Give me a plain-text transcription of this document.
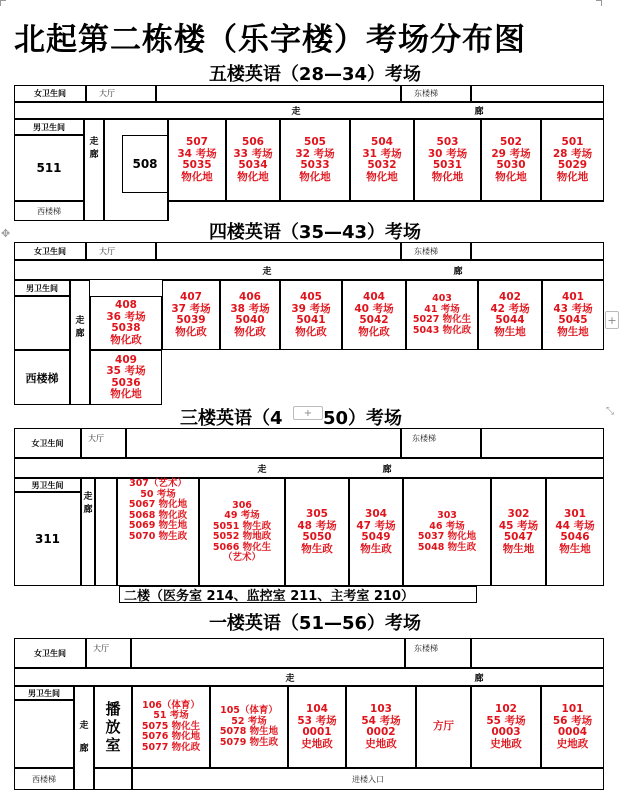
北起第二栋楼（乐字楼）考场分布图
五楼英语（28—34）考场
女卫生间	大厅	东楼梯
走	廊
男卫生间
511
西楼梯
走
廊
508
507
34 考场
5035
物化地
506
33 考场
5034
物化地
505
32 考场
5033
物化地
504
31 考场
5032
物化地
503
30 考场
5031
物化地
502
29 考场
5030
物化地
501
28 考场
5029
物化地
✥	四楼英语（35—43）考场
女卫生间	大厅	东楼梯
走	廊
男卫生间
走
廊
西楼梯
408
36 考场
5038
物化政
409
35 考场
5036
物化地
407
37 考场
5039
物化政
406
38 考场
5040
物化政
405
39 考场
5041
物化政
404
40 考场
5042
物化政
403
41 考场
5027 物化生
5043 物化政
402
42 考场
5044
物生地
401
43 考场
5045
物生地
+
三楼英语（4	+ 50）考场	⤡
女卫生间	大厅	东楼梯
走	廊
男卫生间
311
走
廊
307（艺术）
50 考场
5067 物化地
5068 物化政
5069 物生地
5070 物生政
306
49 考场
5051 物生政
5052 物地政
5066 物化生
（艺术）
305
48 考场
5050
物生政
304
47 考场
5049
物生政
303
46 考场
5037 物化地
5048 物生政
302
45 考场
5047
物生地
301
44 考场
5046
物生地
二楼（医务室 214、监控室 211、主考室 210）
一楼英语（51—56）考场
女卫生间	大厅	东楼梯
走	廊
男卫生间
西楼梯
走
廊
播
放
室
106（体育）
51 考场
5075 物化生
5076 物化地
5077 物化政
105（体育）
52 考场
5078 物生地
5079 物生政
104
53 考场
0001
史地政
103
54 考场
0002
史地政
方厅
102
55 考场
0003
史地政
101
56 考场
0004
史地政
进楼入口
